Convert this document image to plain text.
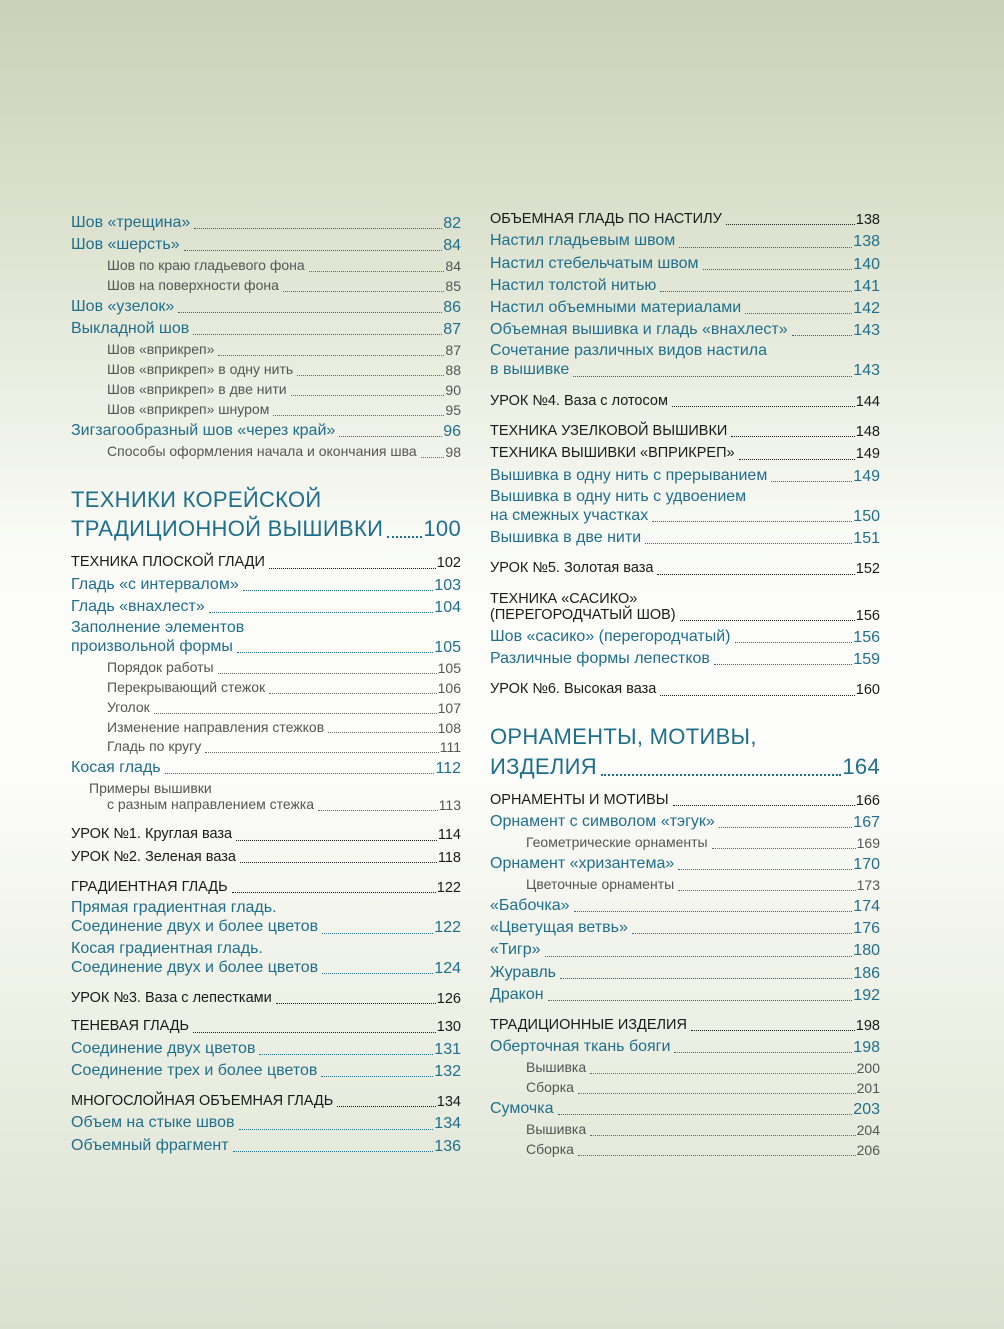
Шов «трещина»	82
Шов «шерсть»	84
Шов по краю гладьевого фона	84
Шов на поверхности фона	85
Шов «узелок»	86
Выкладной шов	87
Шов «вприкреп»	87
Шов «вприкреп» в одну нить	88
Шов «вприкреп» в две нити	90
Шов «вприкреп» шнуром	95
Зигзагообразный шов «через край»	96
Способы оформления начала и окончания шва 98
ТЕХНИКИ КОРЕЙСКОЙ
ТРАДИЦИОННОЙ ВЫШИВКИ 100
ТЕХНИКА ПЛОСКОЙ ГЛАДИ	102
Гладь «с интервалом»	103
Гладь «внахлест»	104
Заполнение элементов
произвольной формы	105
Порядок работы	105
Перекрывающий стежок	106
Уголок	107
Изменение направления стежков	108
Гладь по кругу	111
Косая гладь	112
Примеры вышивки
с разным направлением стежка	113
УРОК №1. Круглая ваза	114
УРОК №2. Зеленая ваза	118
ГРАДИЕНТНАЯ ГЛАДЬ	122
Прямая градиентная гладь.
Соединение двух и более цветов	122
Косая градиентная гладь.
Соединение двух и более цветов	124
УРОК №3. Ваза с лепестками	126
ТЕНЕВАЯ ГЛАДЬ	130
Соединение двух цветов	131
Соединение трех и более цветов	132
МНОГОСЛОЙНАЯ ОБЪЕМНАЯ ГЛАДЬ	134
Объем на стыке швов	134
Объемный фрагмент	136
ОБЪЕМНАЯ ГЛАДЬ ПО НАСТИЛУ	138
Настил гладьевым швом	138
Настил стебельчатым швом	140
Настил толстой нитью	141
Настил объемными материалами	142
Объемная вышивка и гладь «внахлест»	143
Сочетание различных видов настила
в вышивке	143
УРОК №4. Ваза с лотосом	144
ТЕХНИКА УЗЕЛКОВОЙ ВЫШИВКИ	148
ТЕХНИКА ВЫШИВКИ «ВПРИКРЕП»	149
Вышивка в одну нить с прерыванием	149
Вышивка в одну нить с удвоением
на смежных участках	150
Вышивка в две нити	151
УРОК №5. Золотая ваза	152
ТЕХНИКА «САСИКО»
(ПЕРЕГОРОДЧАТЫЙ ШОВ)	156
Шов «сасико» (перегородчатый)	156
Различные формы лепестков	159
УРОК №6. Высокая ваза	160
ОРНАМЕНТЫ, МОТИВЫ,
ИЗДЕЛИЯ	164
ОРНАМЕНТЫ И МОТИВЫ	166
Орнамент с символом «тэгук»	167
Геометрические орнаменты	169
Орнамент «хризантема»	170
Цветочные орнаменты	173
«Бабочка»	174
«Цветущая ветвь»	176
«Тигр»	180
Журавль	186
Дракон	192
ТРАДИЦИОННЫЕ ИЗДЕЛИЯ	198
Оберточная ткань бояги	198
Вышивка	200
Сборка	201
Сумочка	203
Вышивка	204
Сборка	206
